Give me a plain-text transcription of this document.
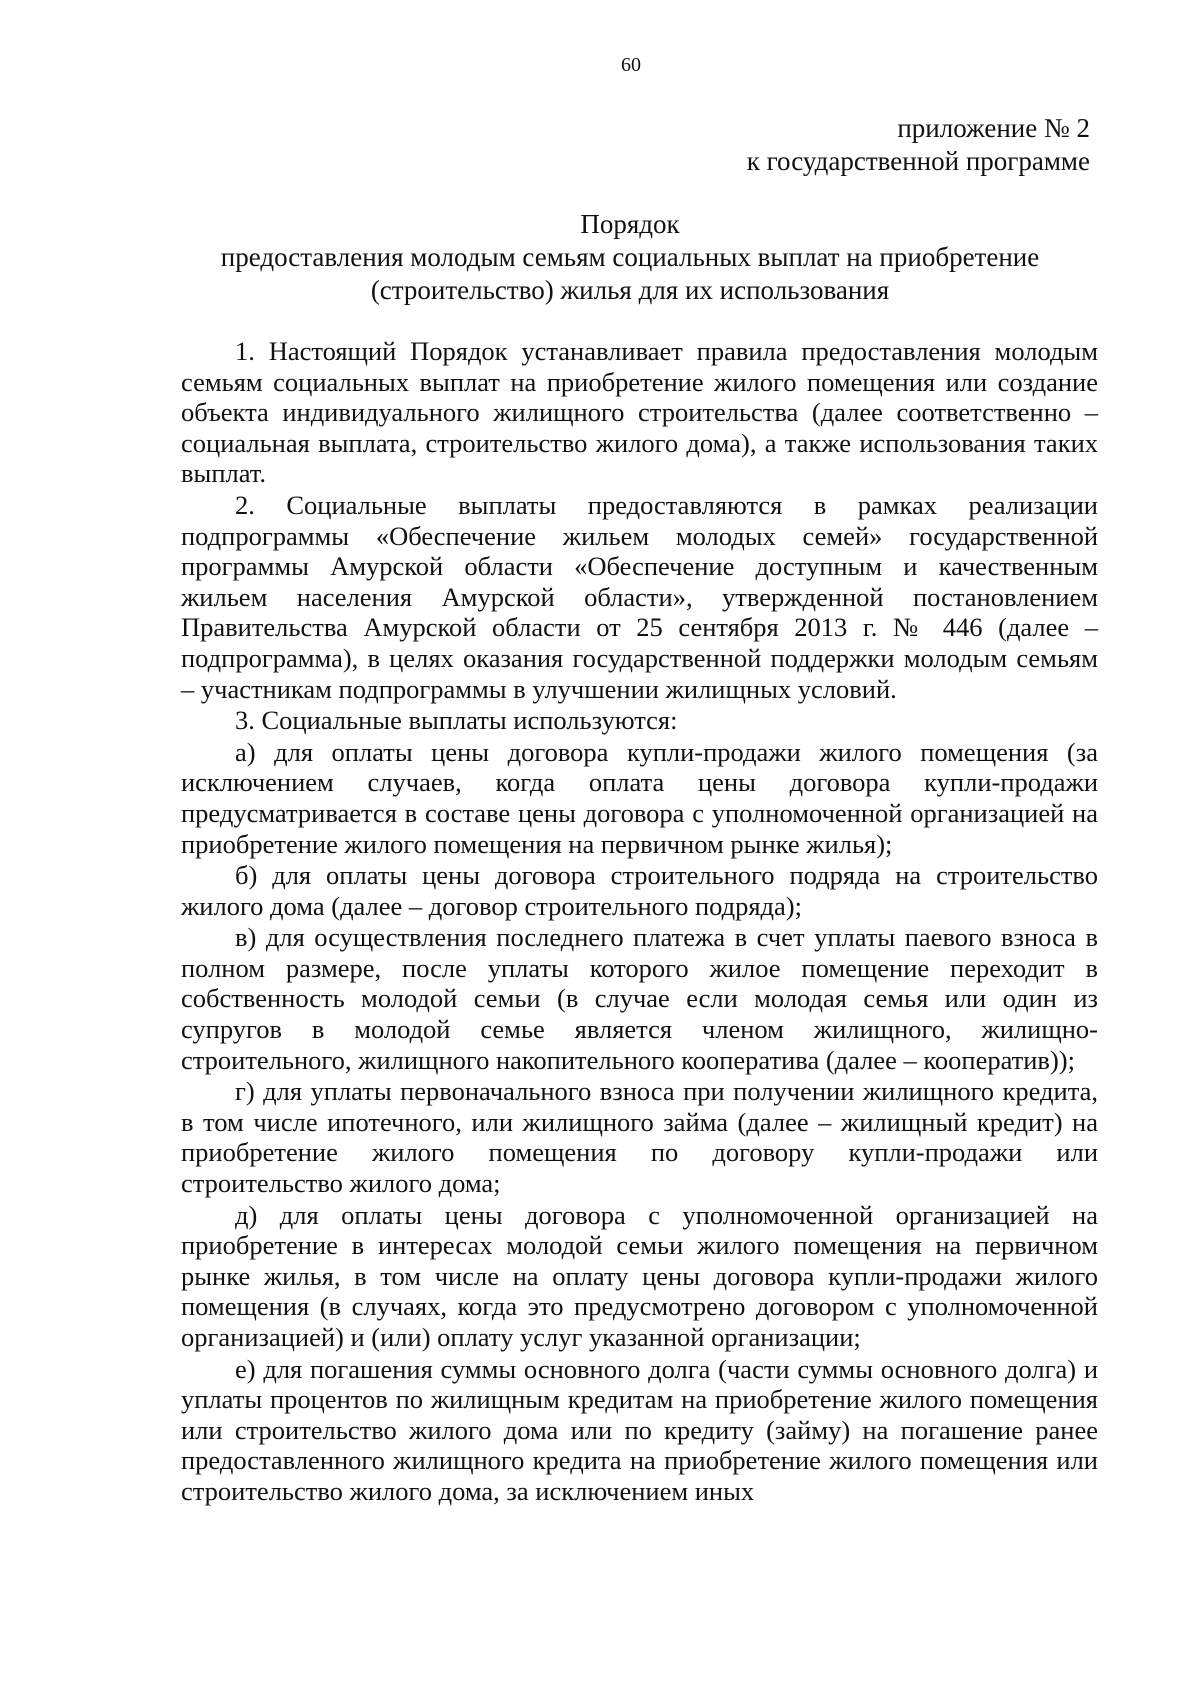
60
приложение № 2
к государственной программе
Порядок
предоставления молодым семьям социальных выплат на приобретение
(строительство) жилья для их использования

1. Настоящий Порядок устанавливает правила предоставления молодым семьям социальных выплат на приобретение жилого помещения или создание объекта индивидуального жилищного строительства (далее соответственно – социальная выплата, строительство жилого дома), а также использования таких выплат.

2. Социальные выплаты предоставляются в рамках реализации подпрограммы «Обеспечение жильем молодых семей» государственной программы Амурской области «Обеспечение доступным и качественным жильем населения Амурской области», утвержденной постановлением Правительства Амурской области от 25 сентября 2013 г. № 446 (далее – подпрограмма), в целях оказания государственной поддержки молодым семьям – участникам подпрограммы в улучшении жилищных условий.

3. Социальные выплаты используются:

а) для оплаты цены договора купли-продажи жилого помещения (за исключением случаев, когда оплата цены договора купли-продажи предусматривается в составе цены договора с уполномоченной организацией на приобретение жилого помещения на первичном рынке жилья);

б) для оплаты цены договора строительного подряда на строительство жилого дома (далее – договор строительного подряда);

в) для осуществления последнего платежа в счет уплаты паевого взноса в полном размере, после уплаты которого жилое помещение переходит в собственность молодой семьи (в случае если молодая семья или один из супругов в молодой семье является членом жилищного, жилищно-строительного, жилищного накопительного кооператива (далее – кооператив));

г) для уплаты первоначального взноса при получении жилищного кредита, в том числе ипотечного, или жилищного займа (далее – жилищный кредит) на приобретение жилого помещения по договору купли-продажи или строительство жилого дома;

д) для оплаты цены договора с уполномоченной организацией на приобретение в интересах молодой семьи жилого помещения на первичном рынке жилья, в том числе на оплату цены договора купли-продажи жилого помещения (в случаях, когда это предусмотрено договором с уполномоченной организацией) и (или) оплату услуг указанной организации;

е) для погашения суммы основного долга (части суммы основного долга) и уплаты процентов по жилищным кредитам на приобретение жилого помещения или строительство жилого дома или по кредиту (займу) на погашение ранее предоставленного жилищного кредита на приобретение жилого помещения или строительство жилого дома, за исключением иных
